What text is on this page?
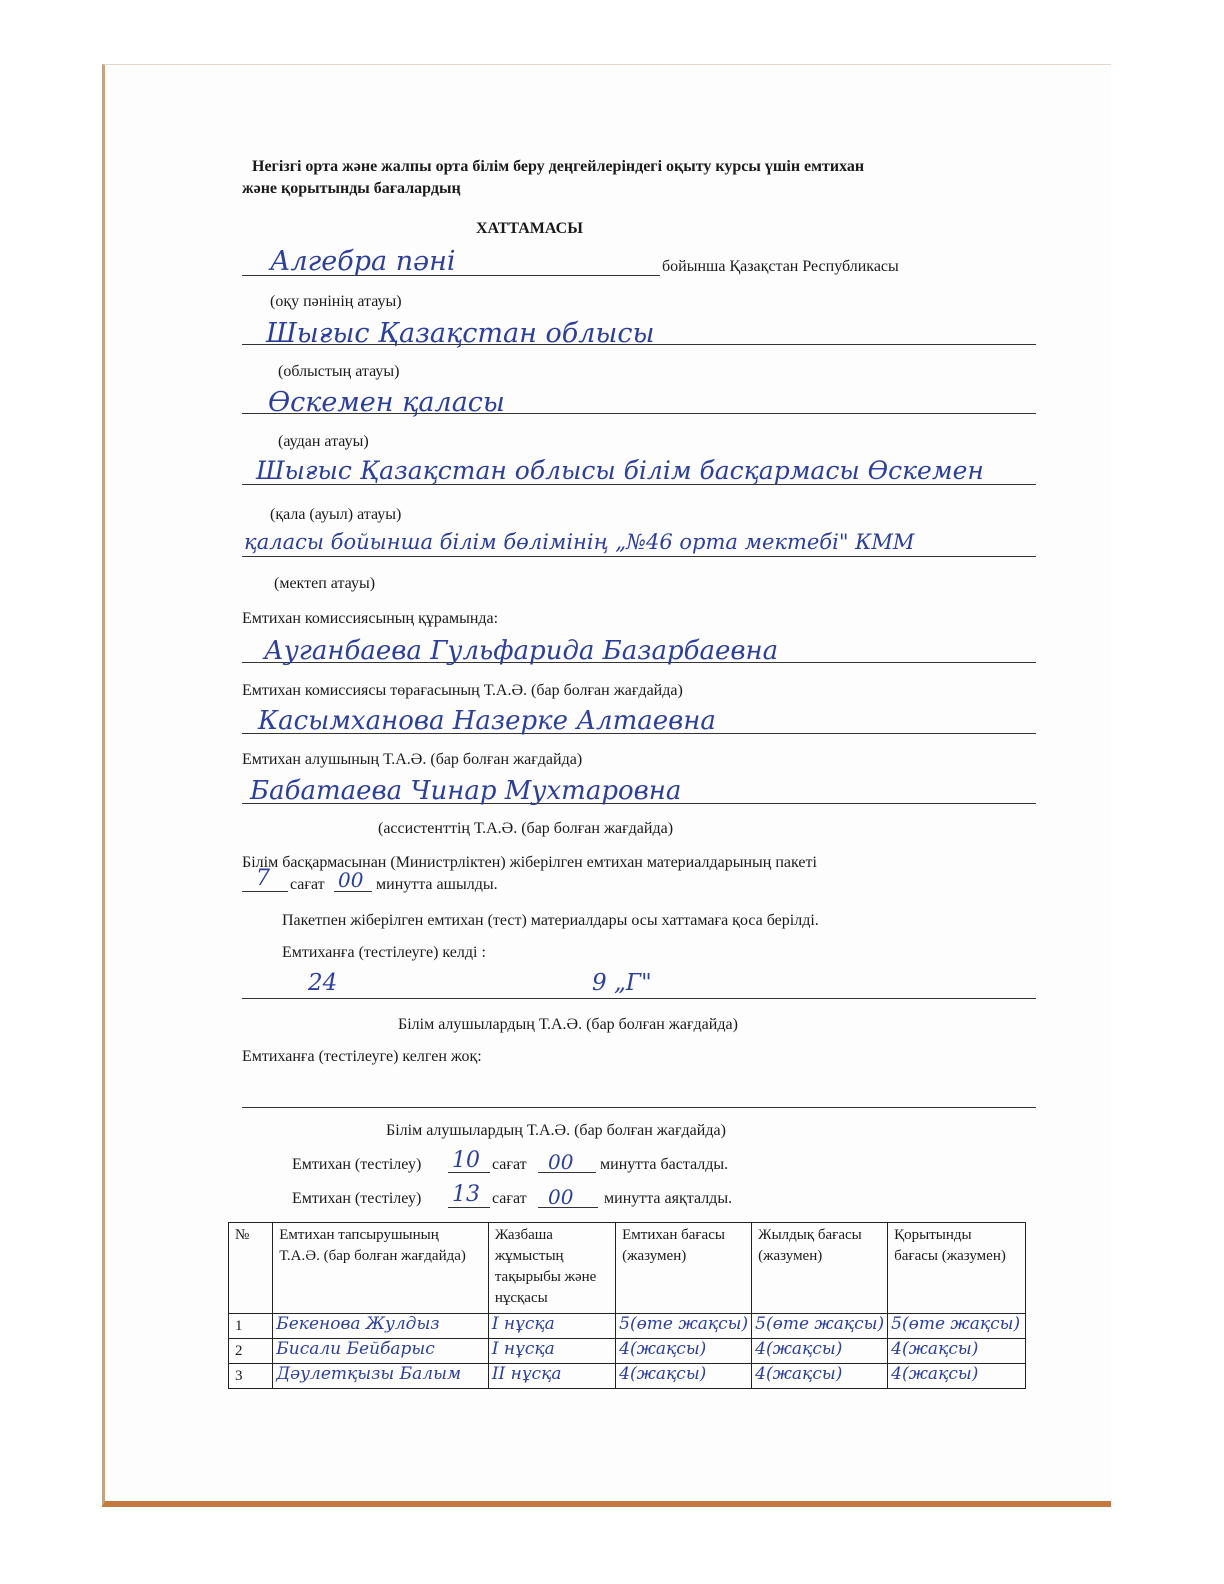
Негізгі орта және жалпы орта білім беру деңгейлеріндегі оқыту курсы үшін емтихан
және қорытынды бағалардың
ХАТТАМАСЫ
Алгебра пәні	бойынша Қазақстан Республикасы
(оқу пәнінің атауы)
Шығыс Қазақстан облысы
(облыстың атауы)
Өскемен қаласы
(аудан атауы)
Шығыс Қазақстан облысы білім басқармасы Өскемен
(қала (ауыл) атауы)
қаласы бойынша білім бөлімінің „№46 орта мектебі" КММ
(мектеп атауы)
Емтихан комиссиясының құрамында:
Ауганбаева Гульфарида Базарбаевна
Емтихан комиссиясы төрағасының Т.А.Ә. (бар болған жағдайда)
Касымханова Назерке Алтаевна
Емтихан алушының Т.А.Ә. (бар болған жағдайда)
Бабатаева Чинар Мухтаровна
(ассистенттің Т.А.Ә. (бар болған жағдайда)
Білім басқармасынан (Министрліктен) жіберілген емтихан материалдарының пакеті
7 сағат 00 минутта ашылды.
Пакетпен жіберілген емтихан (тест) материалдары осы хаттамаға қоса берілді.
Емтиханға (тестілеуге) келді :
24	9 „Г"
Білім алушылардың Т.А.Ә. (бар болған жағдайда)
Емтиханға (тестілеуге) келген жоқ:
Білім алушылардың Т.А.Ә. (бар болған жағдайда)
Емтихан (тестілеу) 10 сағат 00 минутта басталды.
Емтихан (тестілеу) 13 сағат 00 минутта аяқталды.
№	Емтихан тапсырушының Т.А.Ә. (бар болған жағдайда)	Жазбаша жұмыстың тақырыбы және нұсқасы	Емтихан бағасы (жазумен)	Жылдық бағасы (жазумен)	Қорытынды бағасы (жазумен)
1	Бекенова Жулдыз	I нұсқа	5(өте жақсы)	5(өте жақсы)	5(өте жақсы)
2	Бисали Бейбарыс	I нұсқа	4(жақсы)	4(жақсы)	4(жақсы)
3	Дәулетқызы Балым	II нұсқа	4(жақсы)	4(жақсы)	4(жақсы)
